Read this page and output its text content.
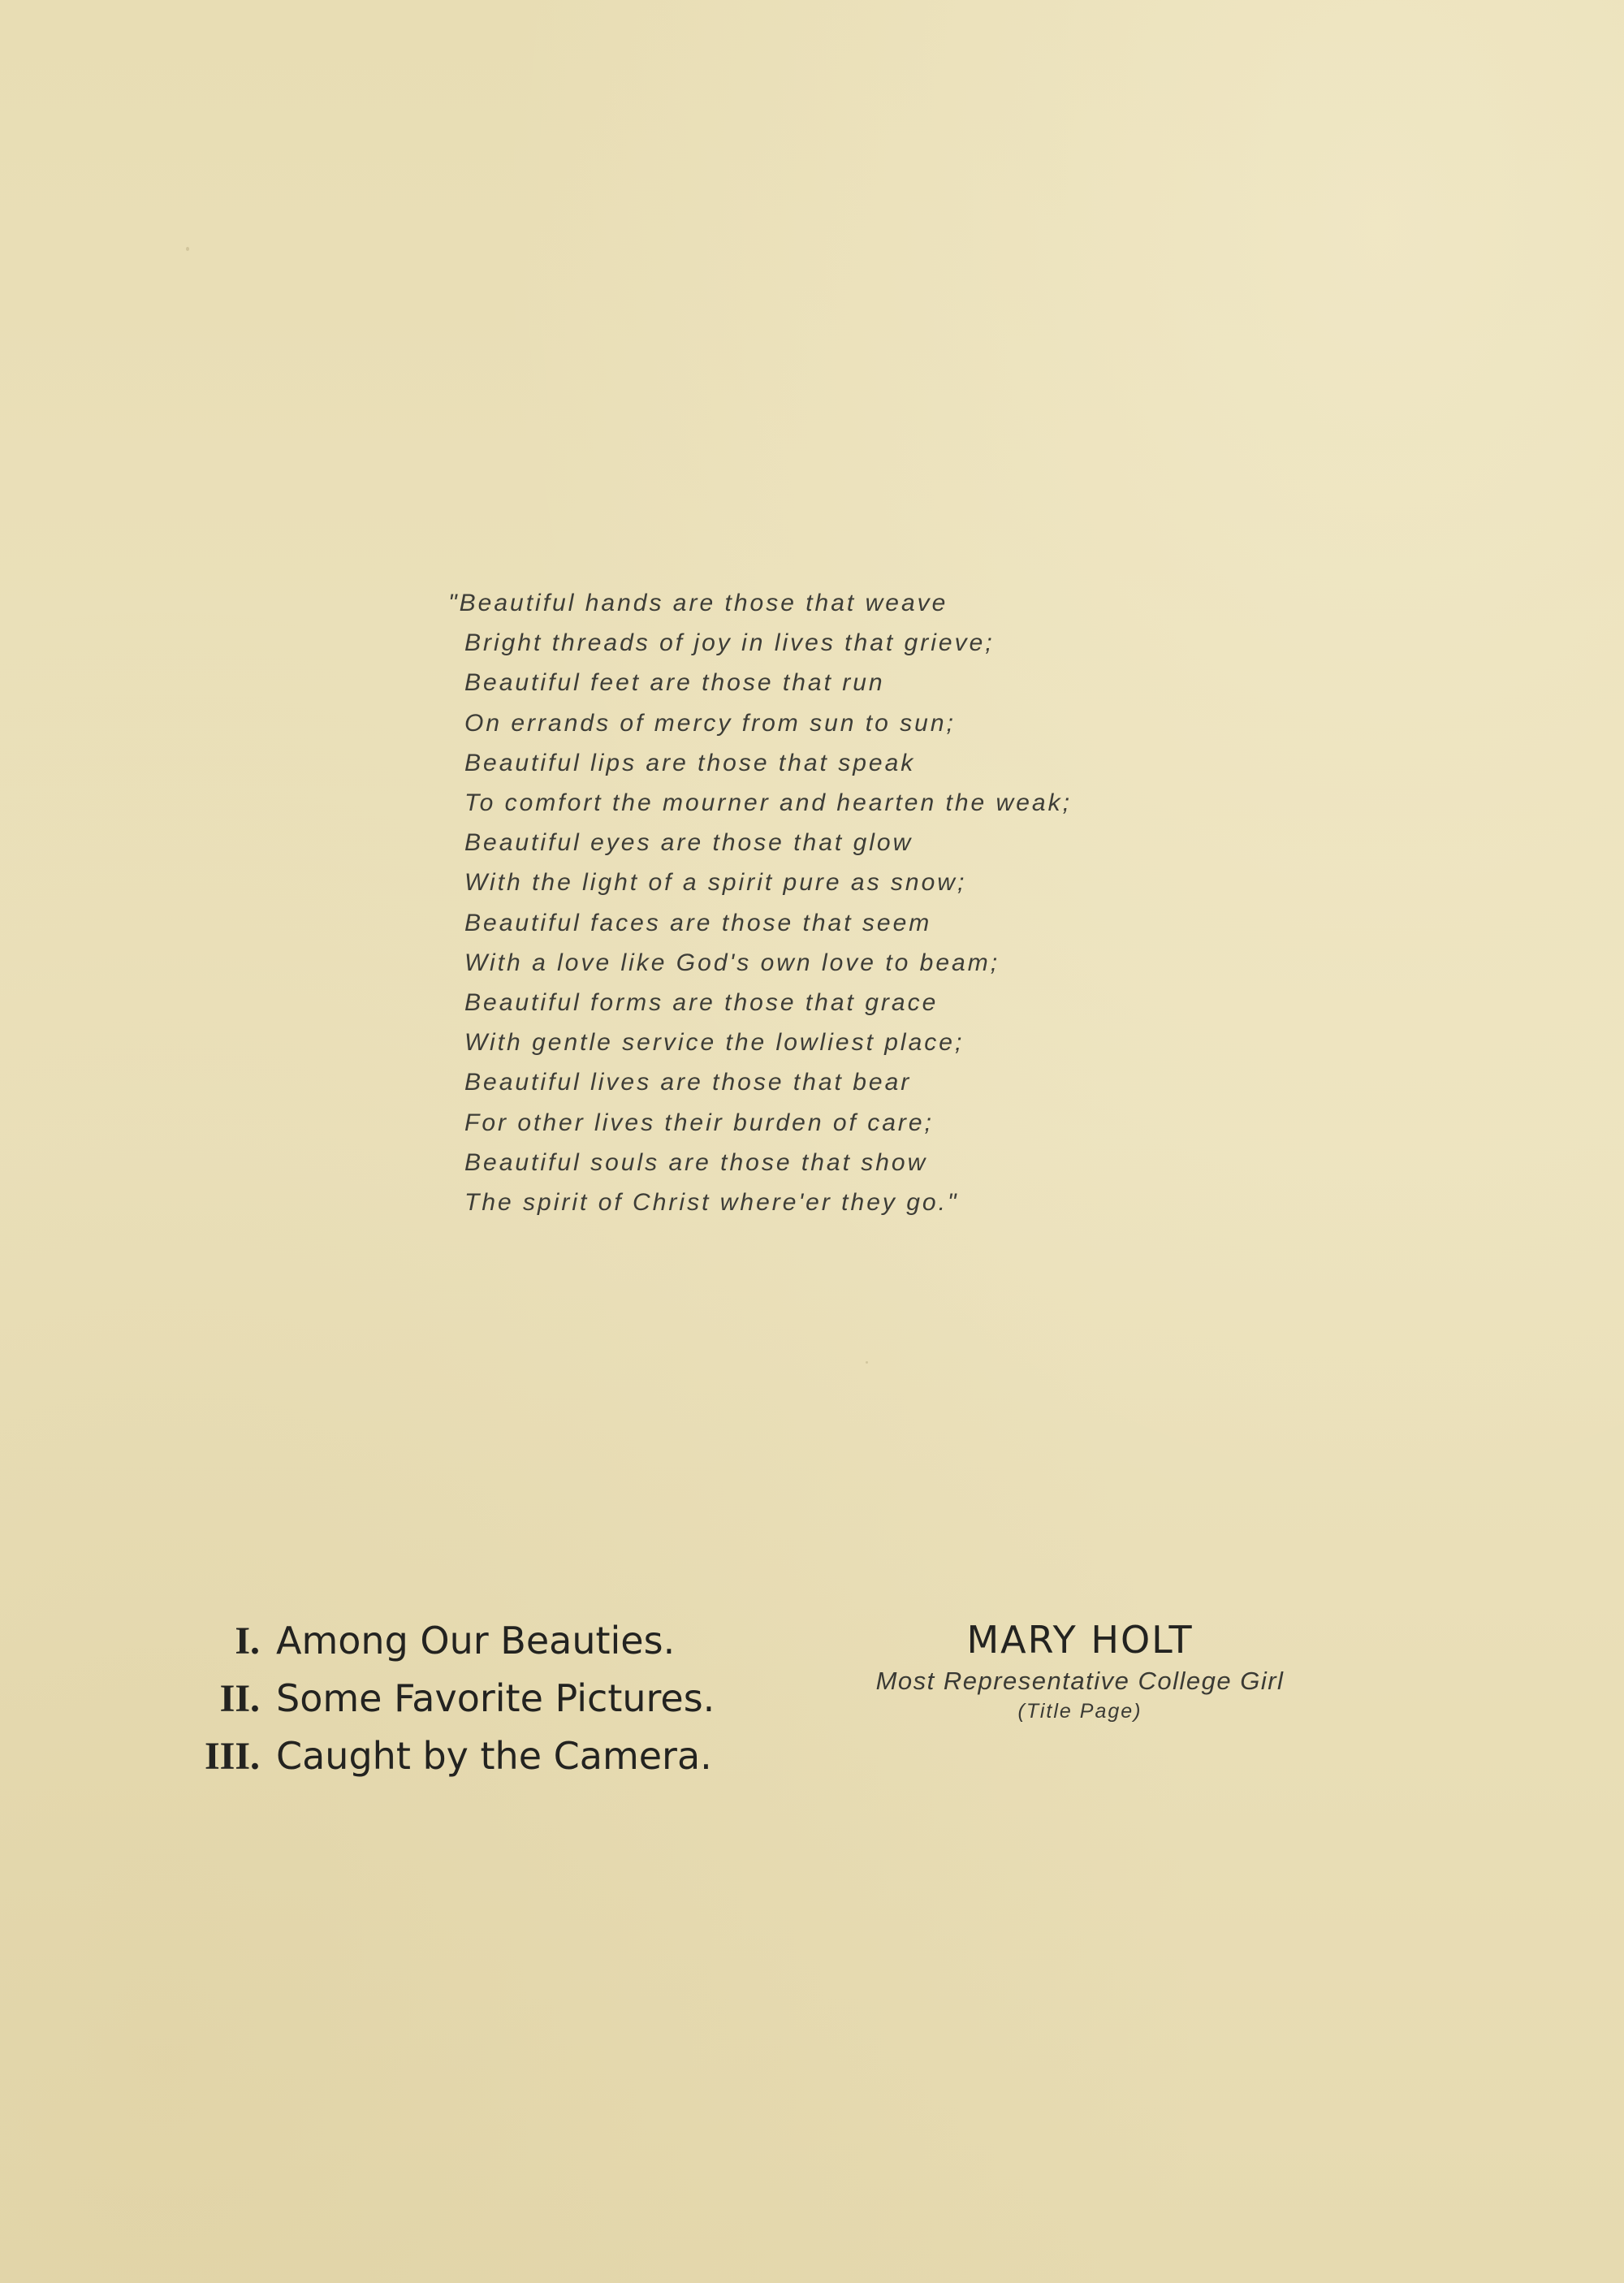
"Beautiful hands are those that weave
Bright threads of joy in lives that grieve;
Beautiful feet are those that run
On errands of mercy from sun to sun;
Beautiful lips are those that speak
To comfort the mourner and hearten the weak;
Beautiful eyes are those that glow
With the light of a spirit pure as snow;
Beautiful faces are those that seem
With a love like God's own love to beam;
Beautiful forms are those that grace
With gentle service the lowliest place;
Beautiful lives are those that bear
For other lives their burden of care;
Beautiful souls are those that show
The spirit of Christ where'er they go."
I. Among Our Beauties.
II. Some Favorite Pictures.
III. Caught by the Camera.
MARY HOLT
Most Representative College Girl
(Title Page)
